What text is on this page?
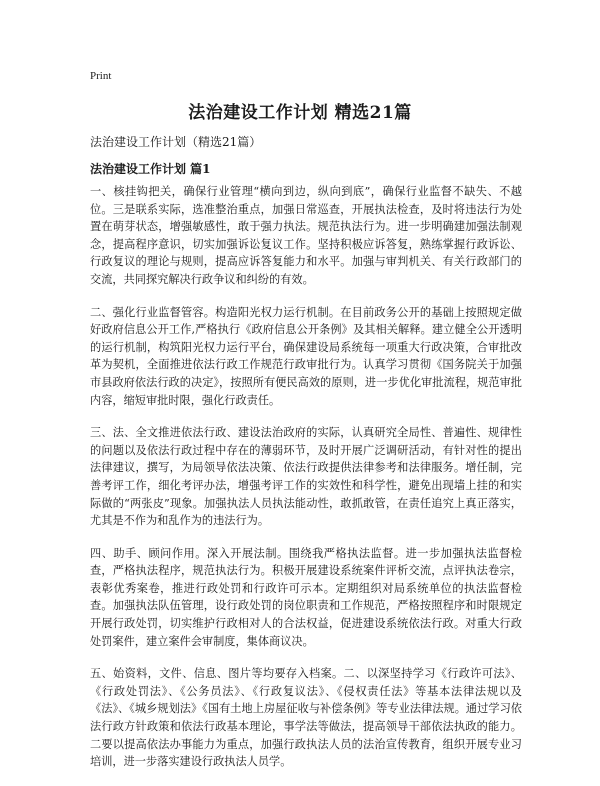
Print
法治建设工作计划 精选21篇

法治建设工作计划（精选21篇）

法治建设工作计划 篇1

一、核挂钩把关，确保行业管理“横向到边，纵向到底”，确保行业监督不缺失、不越位。三是联系实际，选准整治重点，加强日常巡查，开展执法检查，及时将违法行为处置在萌芽状态，增强敏感性，敢于强力执法。规范执法行为。进一步明确建加强法制观念，提高程序意识，切实加强诉讼复议工作。坚持积极应诉答复，熟练掌握行政诉讼、行政复议的理论与规则，提高应诉答复能力和水平。加强与审判机关、有关行政部门的交流，共同探究解决行政争议和纠纷的有效。

二、强化行业监督管容。构造阳光权力运行机制。在目前政务公开的基础上按照规定做好政府信息公开工作,严格执行《政府信息公开条例》及其相关解释。建立健全公开透明的运行机制，构筑阳光权力运行平台，确保建设局系统每一项重大行政决策，合审批改革为契机，全面推进依法行政工作规范行政审批行为。认真学习贯彻《国务院关于加强市县政府依法行政的决定》，按照所有便民高效的原则，进一步优化审批流程，规范审批内容，缩短审批时限，强化行政责任。

三、法、全文推进依法行政、建设法治政府的实际，认真研究全局性、普遍性、规律性的问题以及依法行政过程中存在的薄弱环节，及时开展广泛调研活动，有针对性的提出法律建议，撰写，为局领导依法决策、依法行政提供法律参考和法律服务。增任制，完善考评工作，细化考评办法，增强考评工作的实效性和科学性，避免出现墙上挂的和实际做的“两张皮”现象。加强执法人员执法能动性，敢抓敢管，在责任追究上真正落实，尤其是不作为和乱作为的违法行为。

四、助手、顾问作用。深入开展法制。围绕我严格执法监督。进一步加强执法监督检查，严格执法程序，规范执法行为。积极开展建设系统案件评析交流，点评执法卷宗，表彰优秀案卷，推进行政处罚和行政许可示本。定期组织对局系统单位的执法监督检查。加强执法队伍管理，设行政处罚的岗位职责和工作规范，严格按照程序和时限规定开展行政处罚，切实维护行政相对人的合法权益，促进建设系统依法行政。对重大行政处罚案件，建立案件会审制度，集体商议决。

五、始资料，文件、信息、图片等均要存入档案。二、以深坚持学习《行政许可法》、《行政处罚法》、《公务员法》、《行政复议法》、《侵权责任法》等基本法律法规以及《法》、《城乡规划法》《国有土地上房屋征收与补偿条例》等专业法律法规。通过学习依法行政方针政策和依法行政基本理论，事学法等做法，提高领导干部依法执政的能力。二要以提高依法办事能力为重点，加强行政执法人员的法治宣传教育，组织开展专业习培训，进一步落实建设行政执法人员学。
